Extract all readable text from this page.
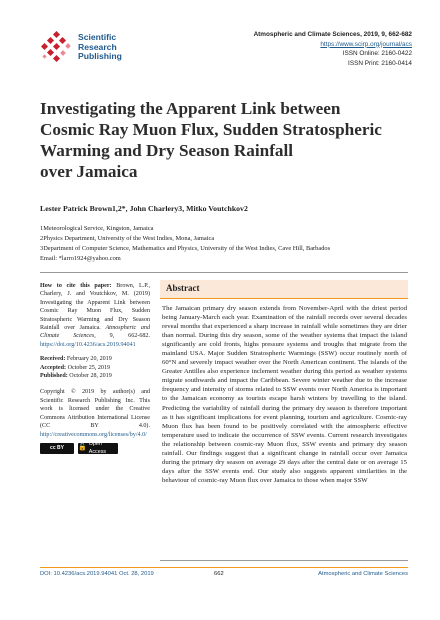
Scientific
Research
Publishing
Atmospheric and Climate Sciences, 2019, 9, 662-682
https://www.scirp.org/journal/acs
ISSN Online: 2160-0422
ISSN Print: 2160-0414
Investigating the Apparent Link between
Cosmic Ray Muon Flux, Sudden Stratospheric
Warming and Dry Season Rainfall
over Jamaica
Lester Patrick Brown1,2*, John Charlery3, Mitko Voutchkov2
1Meteorological Service, Kingston, Jamaica
2Physics Department, University of the West Indies, Mona, Jamaica
3Department of Computer Science, Mathematics and Physics, University of the West Indies, Cave Hill, Barbados
Email: *larro1924@yahoo.com
How to cite this paper: Brown, L.P., Charlery, J. and Voutchkov, M. (2019) Investigating the Apparent Link between Cosmic Ray Muon Flux, Sudden Stratospheric Warming and Dry Season Rainfall over Jamaica. Atmospheric and Climate Sciences, 9, 662-682. https://doi.org/10.4236/acs.2019.94041
Received: February 20, 2019
Accepted: October 25, 2019
Published: October 28, 2019
Copyright © 2019 by author(s) and Scientific Research Publishing Inc. This work is licensed under the Creative Commons Attribution International License (CC BY 4.0). http://creativecommons.org/licenses/by/4.0/
cc BY	🔓
Open Access
Abstract
The Jamaican primary dry season extends from November-April with the driest period being January-March each year. Examination of the rainfall records over several decades reveal months that experienced a sharp increase in rainfall while sometimes they are drier than normal. During this dry season, some of the weather systems that impact the island significantly are cold fronts, highs pressure systems and troughs that migrate from the mainland USA. Major Sudden Stratospheric Warmings (SSW) occur routinely north of 60°N and severely impact weather over the North American continent. The islands of the Greater Antilles also experience inclement weather during this period as weather systems migrate southwards and impact the Caribbean. Severe winter weather due to the increase frequency and intensity of storms related to SSW events over North America is important to the Jamaican economy as tourists escape harsh winters by travelling to the island. Predicting the variability of rainfall during the primary dry season is therefore important as it has significant implications for event planning, tourism and agriculture. Cosmic-ray Muon flux has been found to be positively correlated with the atmospheric effective temperature used to indicate the occurrence of SSW events. Current research investigates the relationship between cosmic-ray Muon flux, SSW events and primary dry season rainfall. Our findings suggest that a significant change in rainfall occur over Jamaica during the primary dry season on average 29 days after the central date or on average 15 days after the SSW events end. Our study also suggests apparent similarities in the behaviour of cosmic-ray Muon flux over Jamaica to those when major SSW
DOI: 10.4236/acs.2019.94041 Oct. 28, 2019	662	Atmospheric and Climate Sciences
